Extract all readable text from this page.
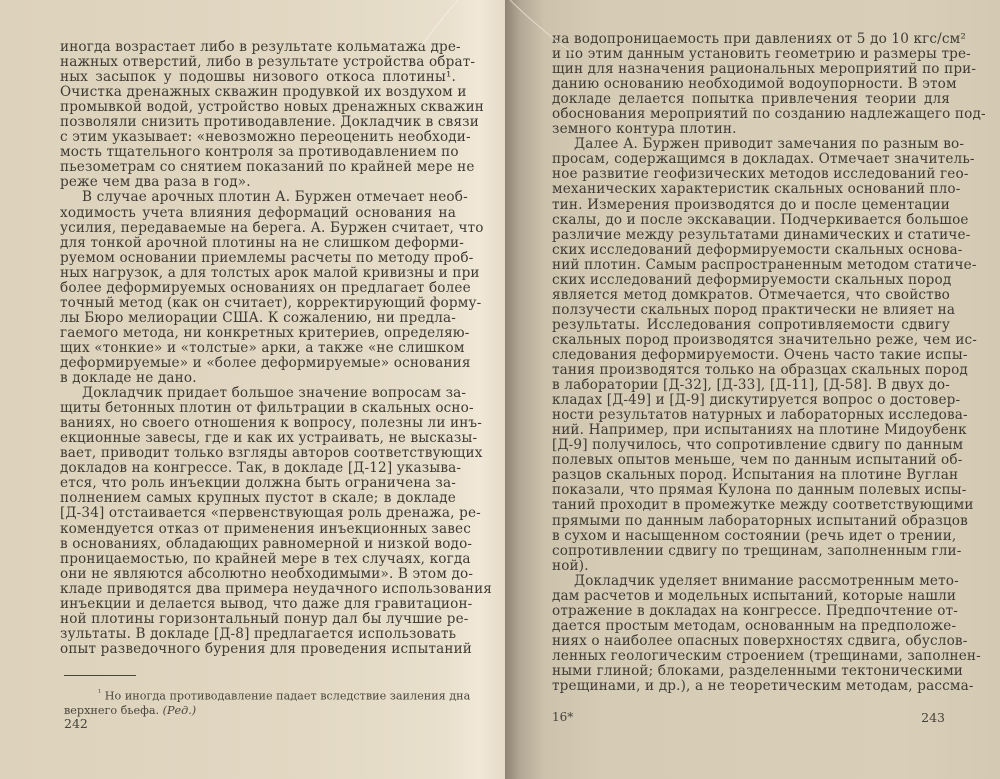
иногда возрастает либо в результате кольматажа дре-
нажных отверстий, либо в результате устройства обрат-
ных засыпок у подошвы низового откоса плотины¹.
Очистка дренажных скважин продувкой их воздухом и
промывкой водой, устройство новых дренажных скважин
позволяли снизить противодавление. Докладчик в связи
с этим указывает: «невозможно переоценить необходи-
мость тщательного контроля за противодавлением по
пьезометрам со снятием показаний по крайней мере не
реже чем два раза в год».
В случае арочных плотин А. Буржен отмечает необ-
ходимость учета влияния деформаций основания на
усилия, передаваемые на берега. А. Буржен считает, что
для тонкой арочной плотины на не слишком деформи-
руемом основании приемлемы расчеты по методу проб-
ных нагрузок, а для толстых арок малой кривизны и при
более деформируемых основаниях он предлагает более
точный метод (как он считает), корректирующий форму-
лы Бюро мелиорации США. К сожалению, ни предла-
гаемого метода, ни конкретных критериев, определяю-
щих «тонкие» и «толстые» арки, а также «не слишком
деформируемые» и «более деформируемые» основания
в докладе не дано.
Докладчик придает большое значение вопросам за-
щиты бетонных плотин от фильтрации в скальных осно-
ваниях, но своего отношения к вопросу, полезны ли инъ-
екционные завесы, где и как их устраивать, не высказы-
вает, приводит только взгляды авторов соответствующих
докладов на конгрессе. Так, в докладе [Д-12] указыва-
ется, что роль инъекции должна быть ограничена за-
полнением самых крупных пустот в скале; в докладе
[Д-34] отстаивается «первенствующая роль дренажа, ре-
комендуется отказ от применения инъекционных завес
в основаниях, обладающих равномерной и низкой водо-
проницаемостью, по крайней мере в тех случаях, когда
они не являются абсолютно необходимыми». В этом до-
кладе приводятся два примера неудачного использования
инъекции и делается вывод, что даже для гравитацион-
ной плотины горизонтальный понур дал бы лучшие ре-
зультаты. В докладе [Д-8] предлагается использовать
опыт разведочного бурения для проведения испытаний
$^{^1}$ Но иногда противодавление падает вследствие заиления дна
верхнего бьефа. (Ред.)
242
на водопроницаемость при давлениях от 5 до 10 кгс/см²
и по этим данным установить геометрию и размеры тре-
щин для назначения рациональных мероприятий по при-
данию основанию необходимой водоупорности. В этом
докладе делается попытка привлечения теории для
обоснования мероприятий по созданию надлежащего под-
земного контура плотин.
Далее А. Буржен приводит замечания по разным во-
просам, содержащимся в докладах. Отмечает значитель-
ное развитие геофизических методов исследований гео-
механических характеристик скальных оснований пло-
тин. Измерения производятся до и после цементации
скалы, до и после экскавации. Подчеркивается большое
различие между результатами динамических и статиче-
ских исследований деформируемости скальных основа-
ний плотин. Самым распространенным методом статиче-
ских исследований деформируемости скальных пород
является метод домкратов. Отмечается, что свойство
ползучести скальных пород практически не влияет на
результаты. Исследования сопротивляемости сдвигу
скальных пород производятся значительно реже, чем ис-
следования деформируемости. Очень часто такие испы-
тания производятся только на образцах скальных пород
в лаборатории [Д-32], [Д-33], [Д-11], [Д-58]. В двух до-
кладах [Д-49] и [Д-9] дискутируется вопрос о достовер-
ности результатов натурных и лабораторных исследова-
ний. Например, при испытаниях на плотине Мидоубенк
[Д-9] получилось, что сопротивление сдвигу по данным
полевых опытов меньше, чем по данным испытаний об-
разцов скальных пород. Испытания на плотине Вуглан
показали, что прямая Кулона по данным полевых испы-
таний проходит в промежутке между соответствующими
прямыми по данным лабораторных испытаний образцов
в сухом и насыщенном состоянии (речь идет о трении,
сопротивлении сдвигу по трещинам, заполненным гли-
ной).
Докладчик уделяет внимание рассмотренным мето-
дам расчетов и модельных испытаний, которые нашли
отражение в докладах на конгрессе. Предпочтение от-
дается простым методам, основанным на предположе-
ниях о наиболее опасных поверхностях сдвига, обуслов-
ленных геологическим строением (трещинами, заполнен-
ными глиной; блоками, разделенными тектоническими
трещинами, и др.), а не теоретическим методам, рассма-
16*	243
